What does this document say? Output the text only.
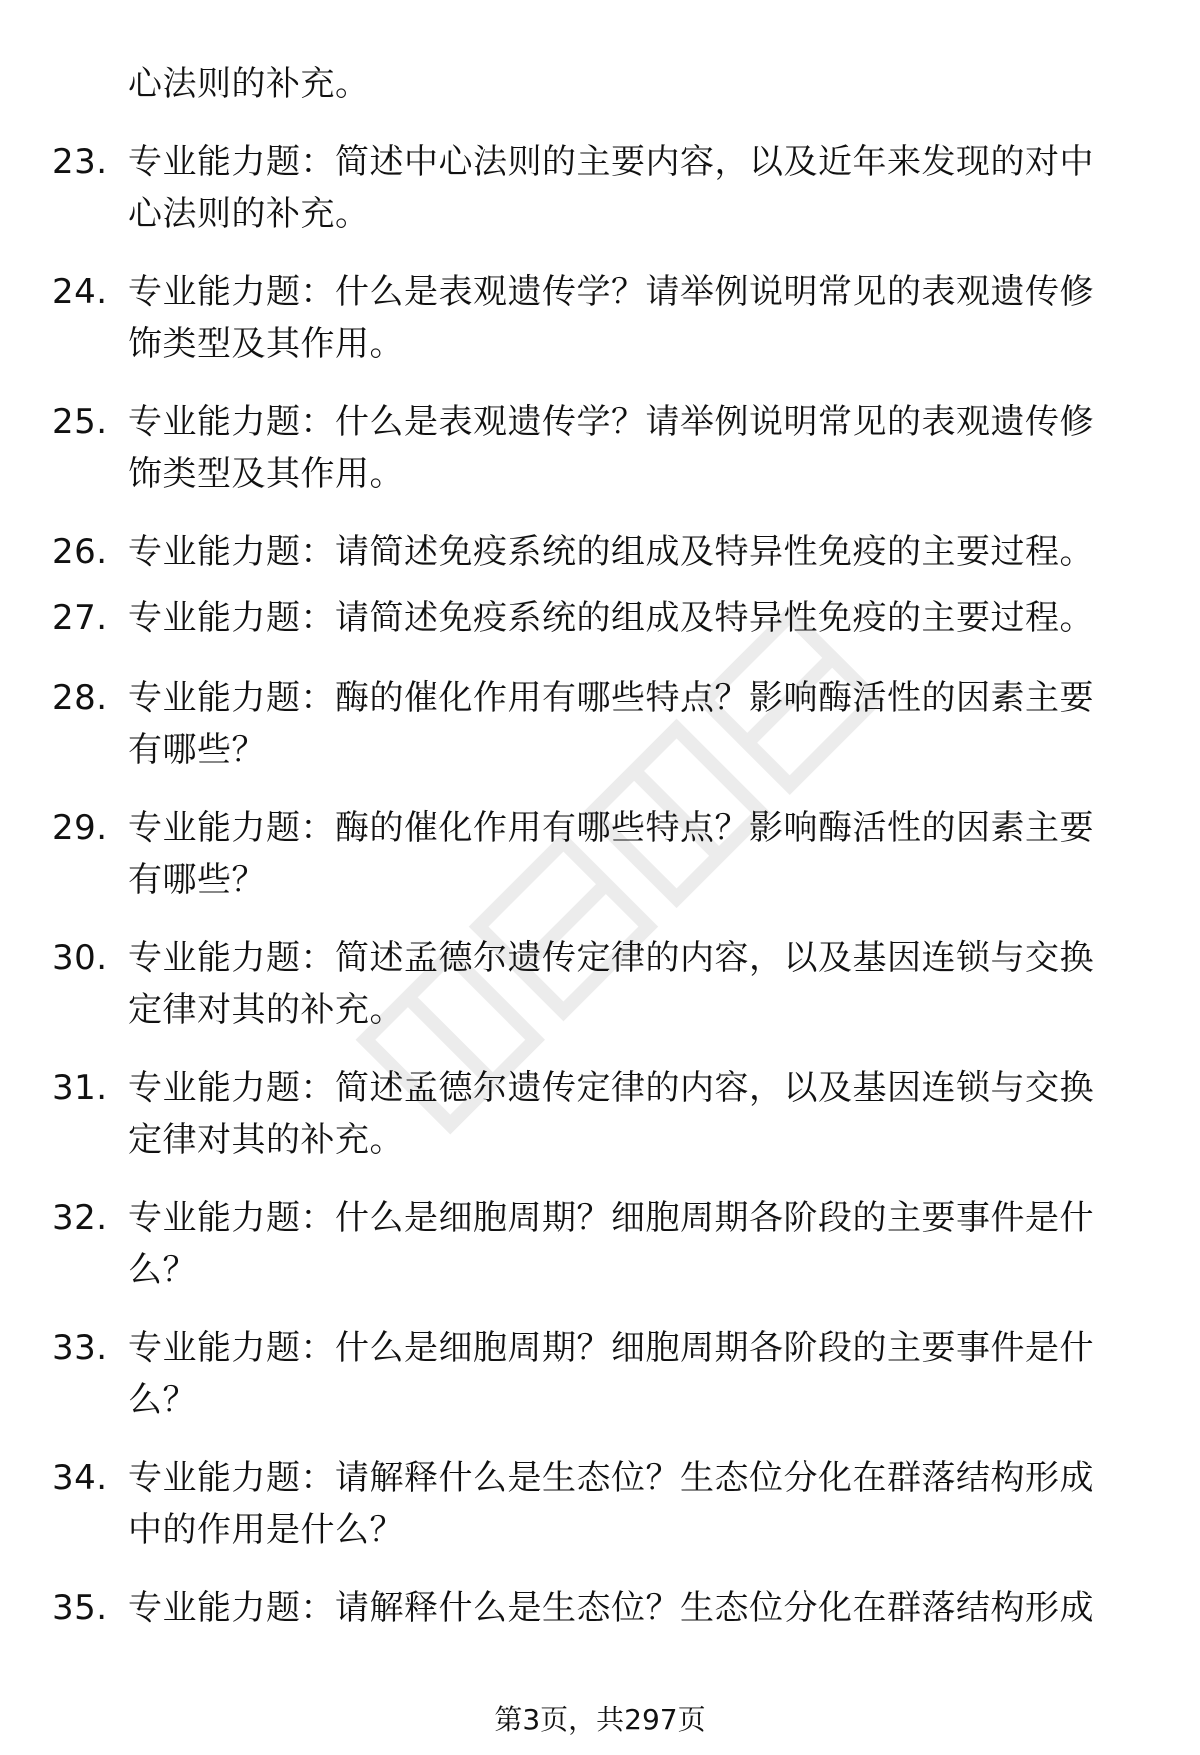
心法则的补充。
23. 专业能力题：简述中心法则的主要内容，以及近年来发现的对中
心法则的补充。
24. 专业能力题：什么是表观遗传学？请举例说明常见的表观遗传修
饰类型及其作用。
25. 专业能力题：什么是表观遗传学？请举例说明常见的表观遗传修
饰类型及其作用。
26. 专业能力题：请简述免疫系统的组成及特异性免疫的主要过程。
27. 专业能力题：请简述免疫系统的组成及特异性免疫的主要过程。
28. 专业能力题：酶的催化作用有哪些特点？影响酶活性的因素主要
有哪些？
29. 专业能力题：酶的催化作用有哪些特点？影响酶活性的因素主要
有哪些？
30. 专业能力题：简述孟德尔遗传定律的内容，以及基因连锁与交换
定律对其的补充。
31. 专业能力题：简述孟德尔遗传定律的内容，以及基因连锁与交换
定律对其的补充。
32. 专业能力题：什么是细胞周期？细胞周期各阶段的主要事件是什
么？
33. 专业能力题：什么是细胞周期？细胞周期各阶段的主要事件是什
么？
34. 专业能力题：请解释什么是生态位？生态位分化在群落结构形成
中的作用是什么？
35. 专业能力题：请解释什么是生态位？生态位分化在群落结构形成
第3页，共297页
